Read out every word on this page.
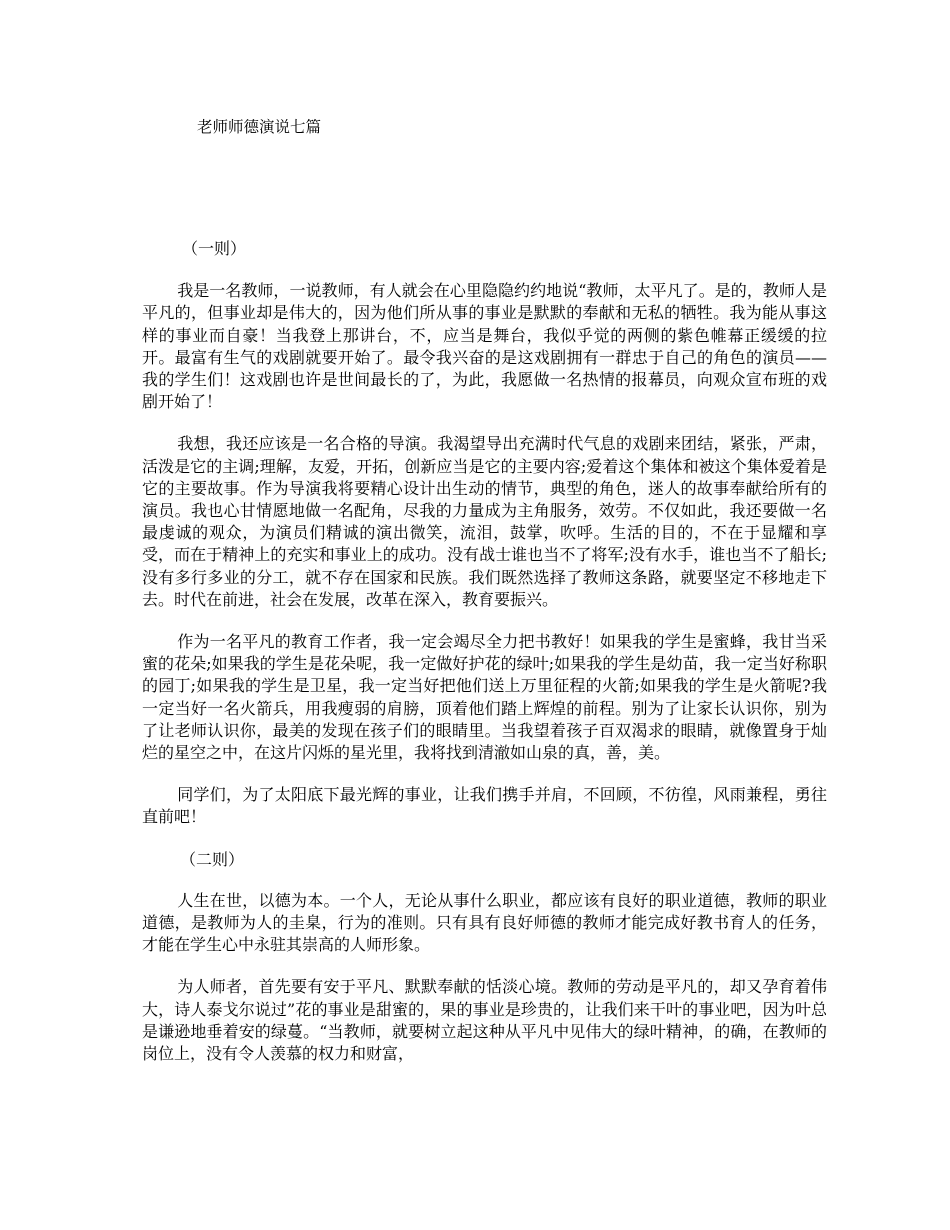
老师师德演说七篇
（一则）

我是一名教师，一说教师，有人就会在心里隐隐约约地说“教师，太平凡了。是的，教师人是平凡的，但事业却是伟大的，因为他们所从事的事业是默默的奉献和无私的牺牲。我为能从事这样的事业而自豪！当我登上那讲台，不，应当是舞台，我似乎觉的两侧的紫色帷幕正缓缓的拉开。最富有生气的戏剧就要开始了。最令我兴奋的是这戏剧拥有一群忠于自己的角色的演员——我的学生们！这戏剧也许是世间最长的了，为此，我愿做一名热情的报幕员，向观众宣布班的戏剧开始了！

我想，我还应该是一名合格的导演。我渴望导出充满时代气息的戏剧来团结，紧张，严肃，活泼是它的主调;理解，友爱，开拓，创新应当是它的主要内容;爱着这个集体和被这个集体爱着是它的主要故事。作为导演我将要精心设计出生动的情节，典型的角色，迷人的故事奉献给所有的演员。我也心甘情愿地做一名配角，尽我的力量成为主角服务，效劳。不仅如此，我还要做一名最虔诚的观众，为演员们精诚的演出微笑，流泪，鼓掌，吹呼。生活的目的，不在于显耀和享受，而在于精神上的充实和事业上的成功。没有战士谁也当不了将军;没有水手，谁也当不了船长;没有多行多业的分工，就不存在国家和民族。我们既然选择了教师这条路，就要坚定不移地走下去。时代在前进，社会在发展，改革在深入，教育要振兴。

作为一名平凡的教育工作者，我一定会竭尽全力把书教好！如果我的学生是蜜蜂，我甘当采蜜的花朵;如果我的学生是花朵呢，我一定做好护花的绿叶;如果我的学生是幼苗，我一定当好称职的园丁;如果我的学生是卫星，我一定当好把他们送上万里征程的火箭;如果我的学生是火箭呢?我一定当好一名火箭兵，用我瘦弱的肩膀，顶着他们踏上辉煌的前程。别为了让家长认识你，别为了让老师认识你，最美的发现在孩子们的眼睛里。当我望着孩子百双渴求的眼睛，就像置身于灿烂的星空之中，在这片闪烁的星光里，我将找到清澈如山泉的真，善，美。

同学们，为了太阳底下最光辉的事业，让我们携手并肩，不回顾，不彷徨，风雨兼程，勇往直前吧！

（二则）

人生在世，以德为本。一个人，无论从事什么职业，都应该有良好的职业道德，教师的职业道德，是教师为人的圭臬，行为的准则。只有具有良好师德的教师才能完成好教书育人的任务，才能在学生心中永驻其崇高的人师形象。

为人师者，首先要有安于平凡、默默奉献的恬淡心境。教师的劳动是平凡的，却又孕育着伟大，诗人泰戈尔说过”花的事业是甜蜜的，果的事业是珍贵的，让我们来干叶的事业吧，因为叶总是谦逊地垂着安的绿蔓。“当教师，就要树立起这种从平凡中见伟大的绿叶精神，的确，在教师的岗位上，没有令人羡慕的权力和财富，
